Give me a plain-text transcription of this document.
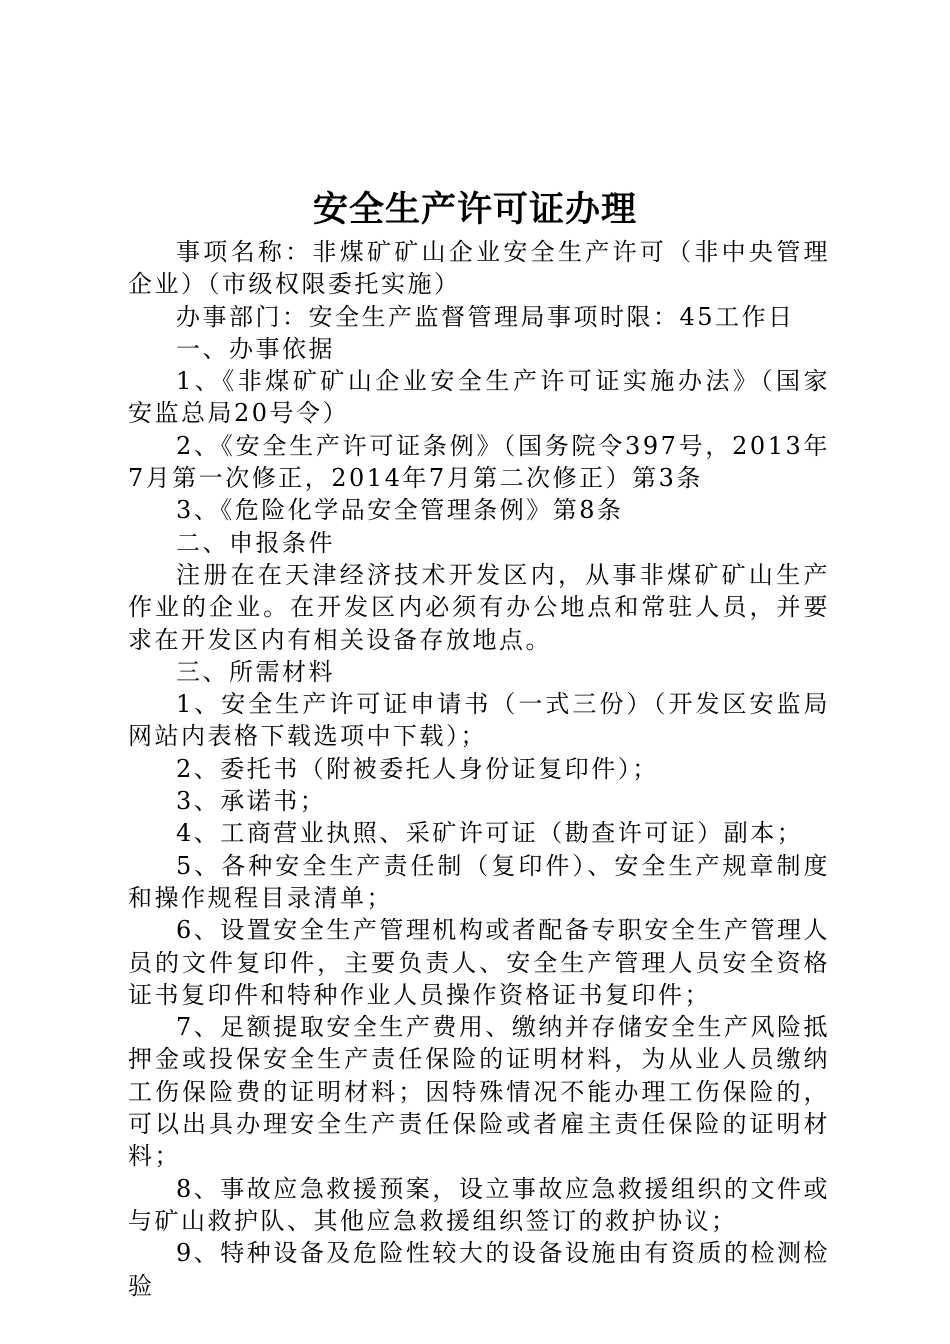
安全生产许可证办理

事项名称：非煤矿矿山企业安全生产许可（非中央管理企业）（市级权限委托实施）

办事部门：安全生产监督管理局事项时限：45工作日

一、办事依据

1、《非煤矿矿山企业安全生产许可证实施办法》（国家安监总局20号令）

2、《安全生产许可证条例》（国务院令397号，2013年7月第一次修正，2014年7月第二次修正）第3条

3、《危险化学品安全管理条例》第8条

二、申报条件

注册在在天津经济技术开发区内，从事非煤矿矿山生产作业的企业。在开发区内必须有办公地点和常驻人员，并要求在开发区内有相关设备存放地点。

三、所需材料

1、安全生产许可证申请书（一式三份）（开发区安监局网站内表格下载选项中下载）；

2、委托书（附被委托人身份证复印件）；

3、承诺书；

4、工商营业执照、采矿许可证（勘查许可证）副本；

5、各种安全生产责任制（复印件）、安全生产规章制度和操作规程目录清单；

6、设置安全生产管理机构或者配备专职安全生产管理人员的文件复印件，主要负责人、安全生产管理人员安全资格证书复印件和特种作业人员操作资格证书复印件；

7、足额提取安全生产费用、缴纳并存储安全生产风险抵押金或投保安全生产责任保险的证明材料，为从业人员缴纳工伤保险费的证明材料；因特殊情况不能办理工伤保险的，可以出具办理安全生产责任保险或者雇主责任保险的证明材料；

8、事故应急救援预案，设立事故应急救援组织的文件或与矿山救护队、其他应急救援组织签订的救护协议；

9、特种设备及危险性较大的设备设施由有资质的检测检验
